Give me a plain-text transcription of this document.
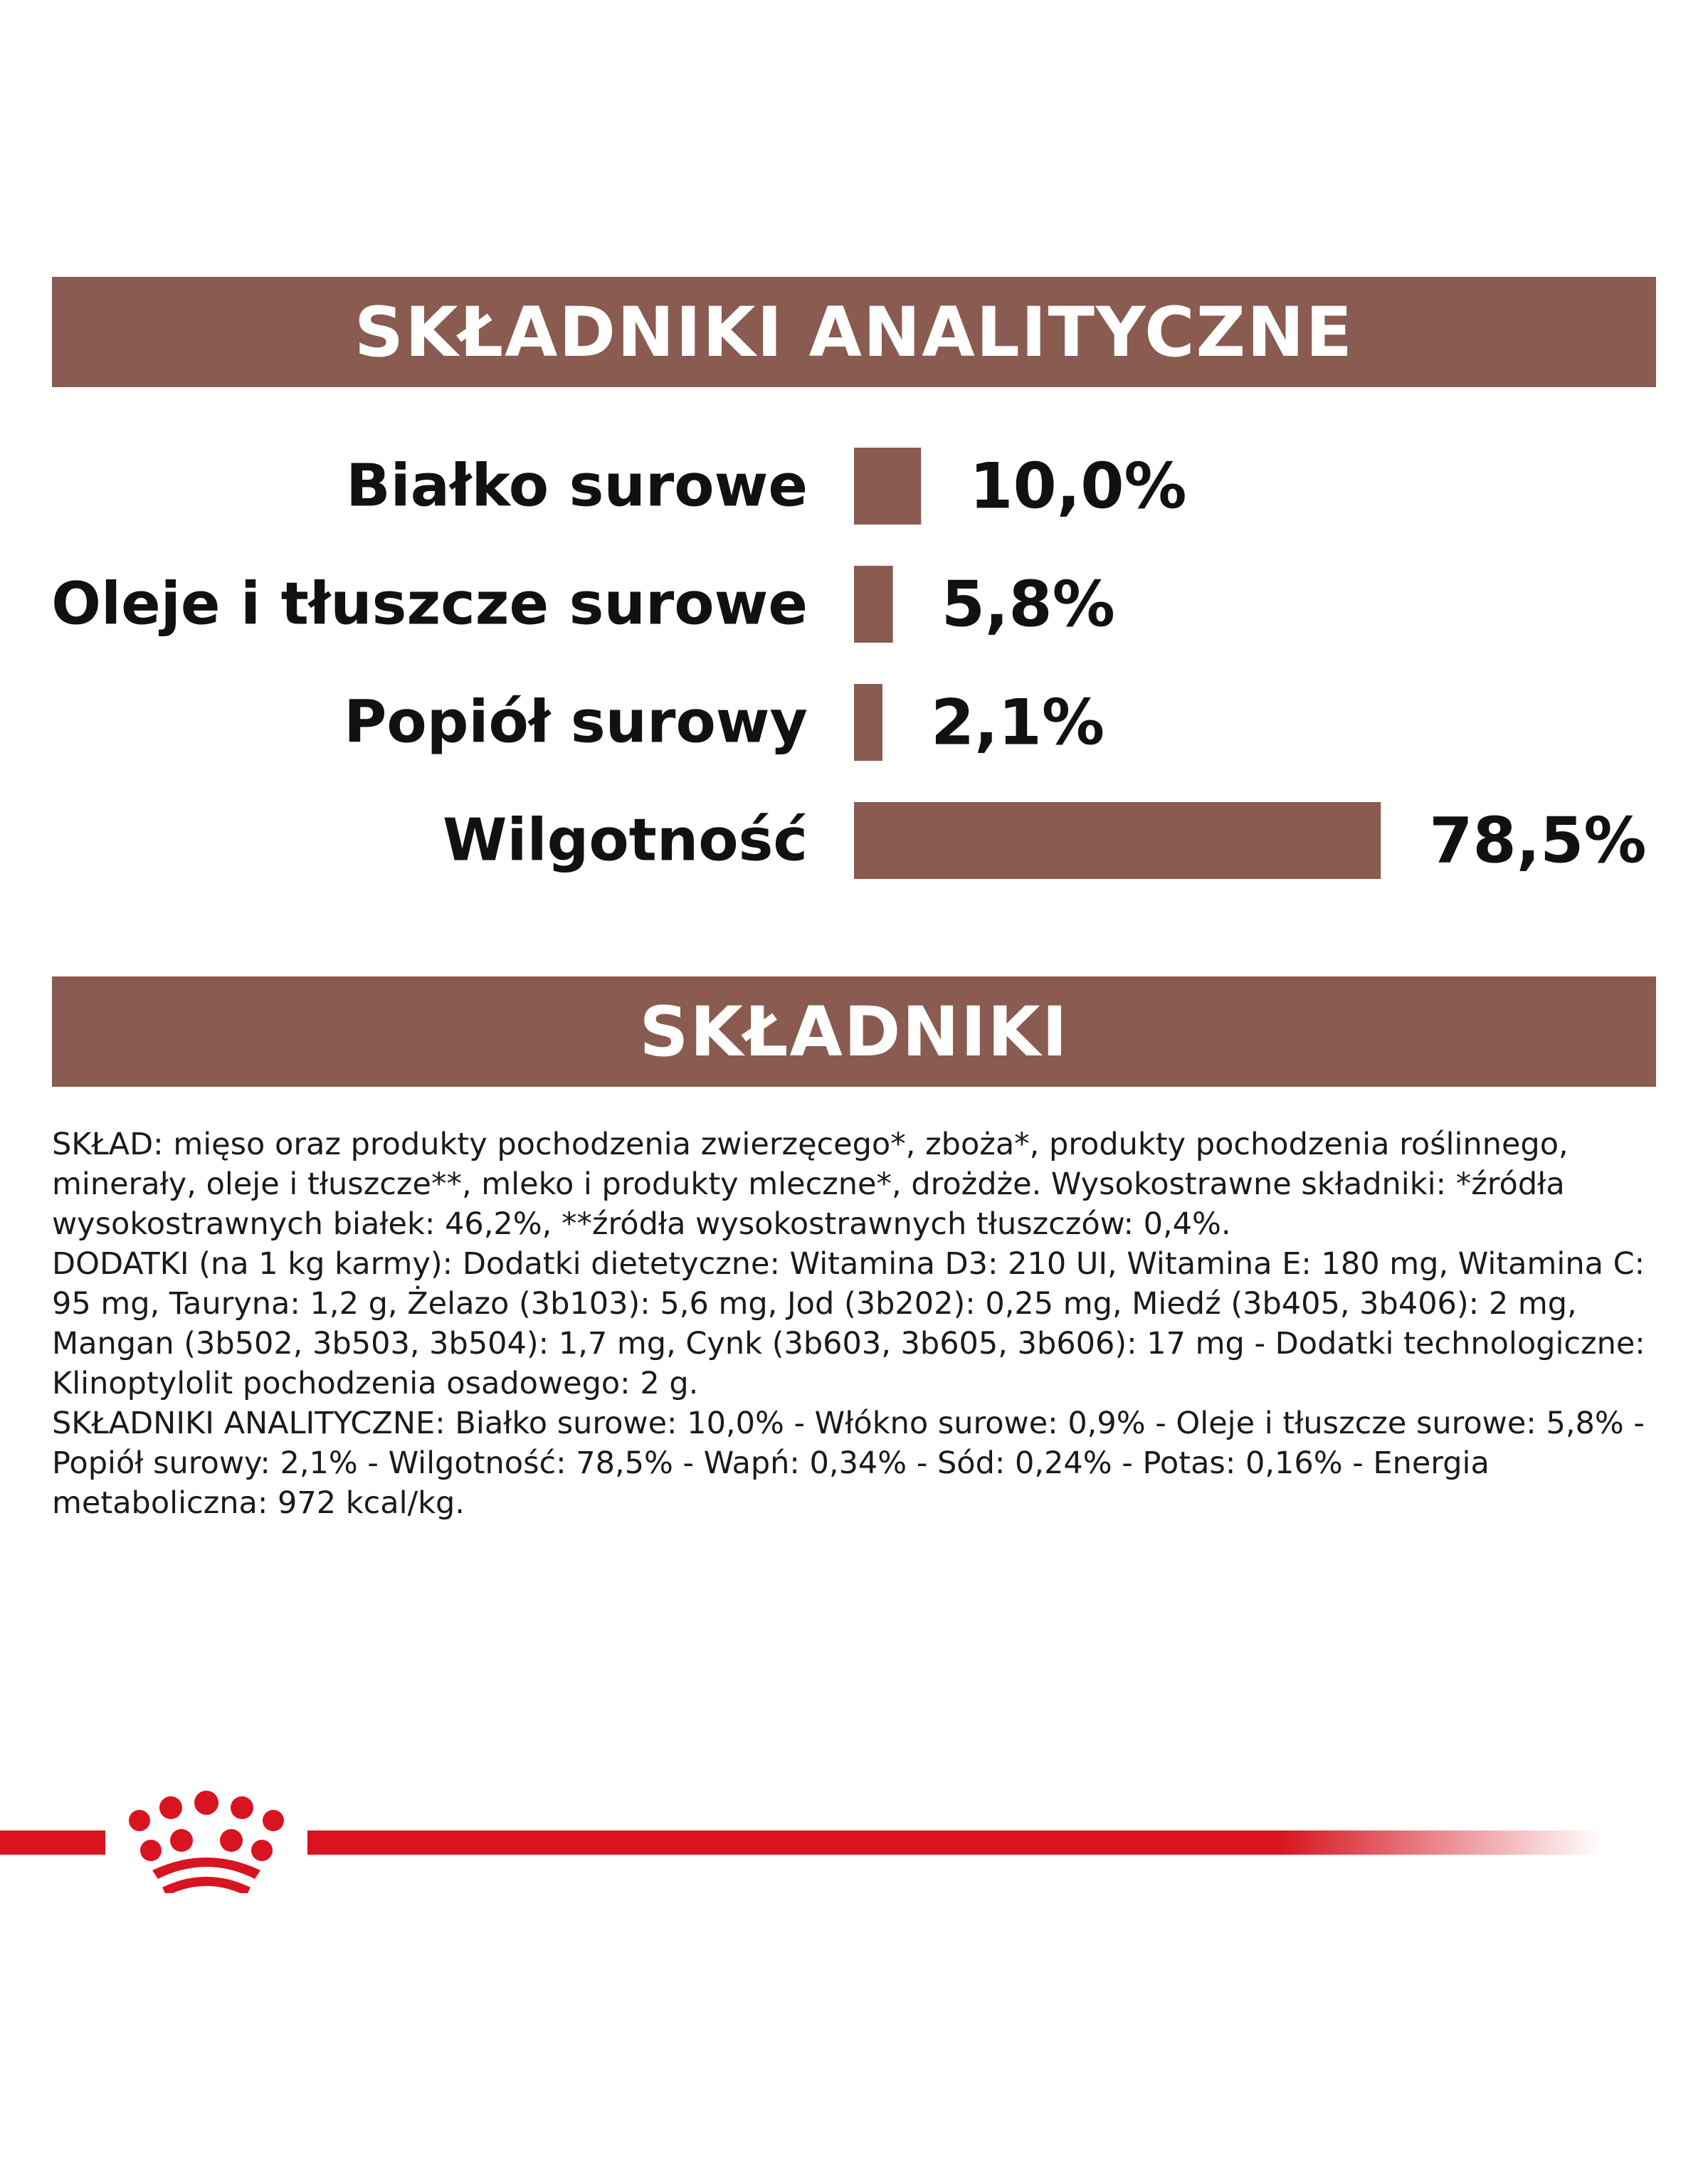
SKŁADNIKI ANALITYCZNE
Białko surowe	10,0%
Oleje i tłuszcze surowe 5,8%
Popiół surowy 2,1%
Wilgotność	78,5%
SKŁADNIKI

SKŁAD: mięso oraz produkty pochodzenia zwierzęcego*, zboża*, produkty pochodzenia roślinnego, minerały, oleje i tłuszcze**, mleko i produkty mleczne*, drożdże. Wysokostrawne składniki: *źródła wysokostrawnych białek: 46,2%, **źródła wysokostrawnych tłuszczów: 0,4%.

DODATKI (na 1 kg karmy): Dodatki dietetyczne: Witamina D3: 210 UI, Witamina E: 180 mg, Witamina C: 95 mg, Tauryna: 1,2 g, Żelazo (3b103): 5,6 mg, Jod (3b202): 0,25 mg, Miedź (3b405, 3b406): 2 mg, Mangan (3b502, 3b503, 3b504): 1,7 mg, Cynk (3b603, 3b605, 3b606): 17 mg - Dodatki technologiczne: Klinoptylolit pochodzenia osadowego: 2 g.

SKŁADNIKI ANALITYCZNE: Białko surowe: 10,0% - Włókno surowe: 0,9% - Oleje i tłuszcze surowe: 5,8% - Popiół surowy: 2,1% - Wilgotność: 78,5% - Wapń: 0,34% - Sód: 0,24% - Potas: 0,16% - Energia metaboliczna: 972 kcal/kg.
